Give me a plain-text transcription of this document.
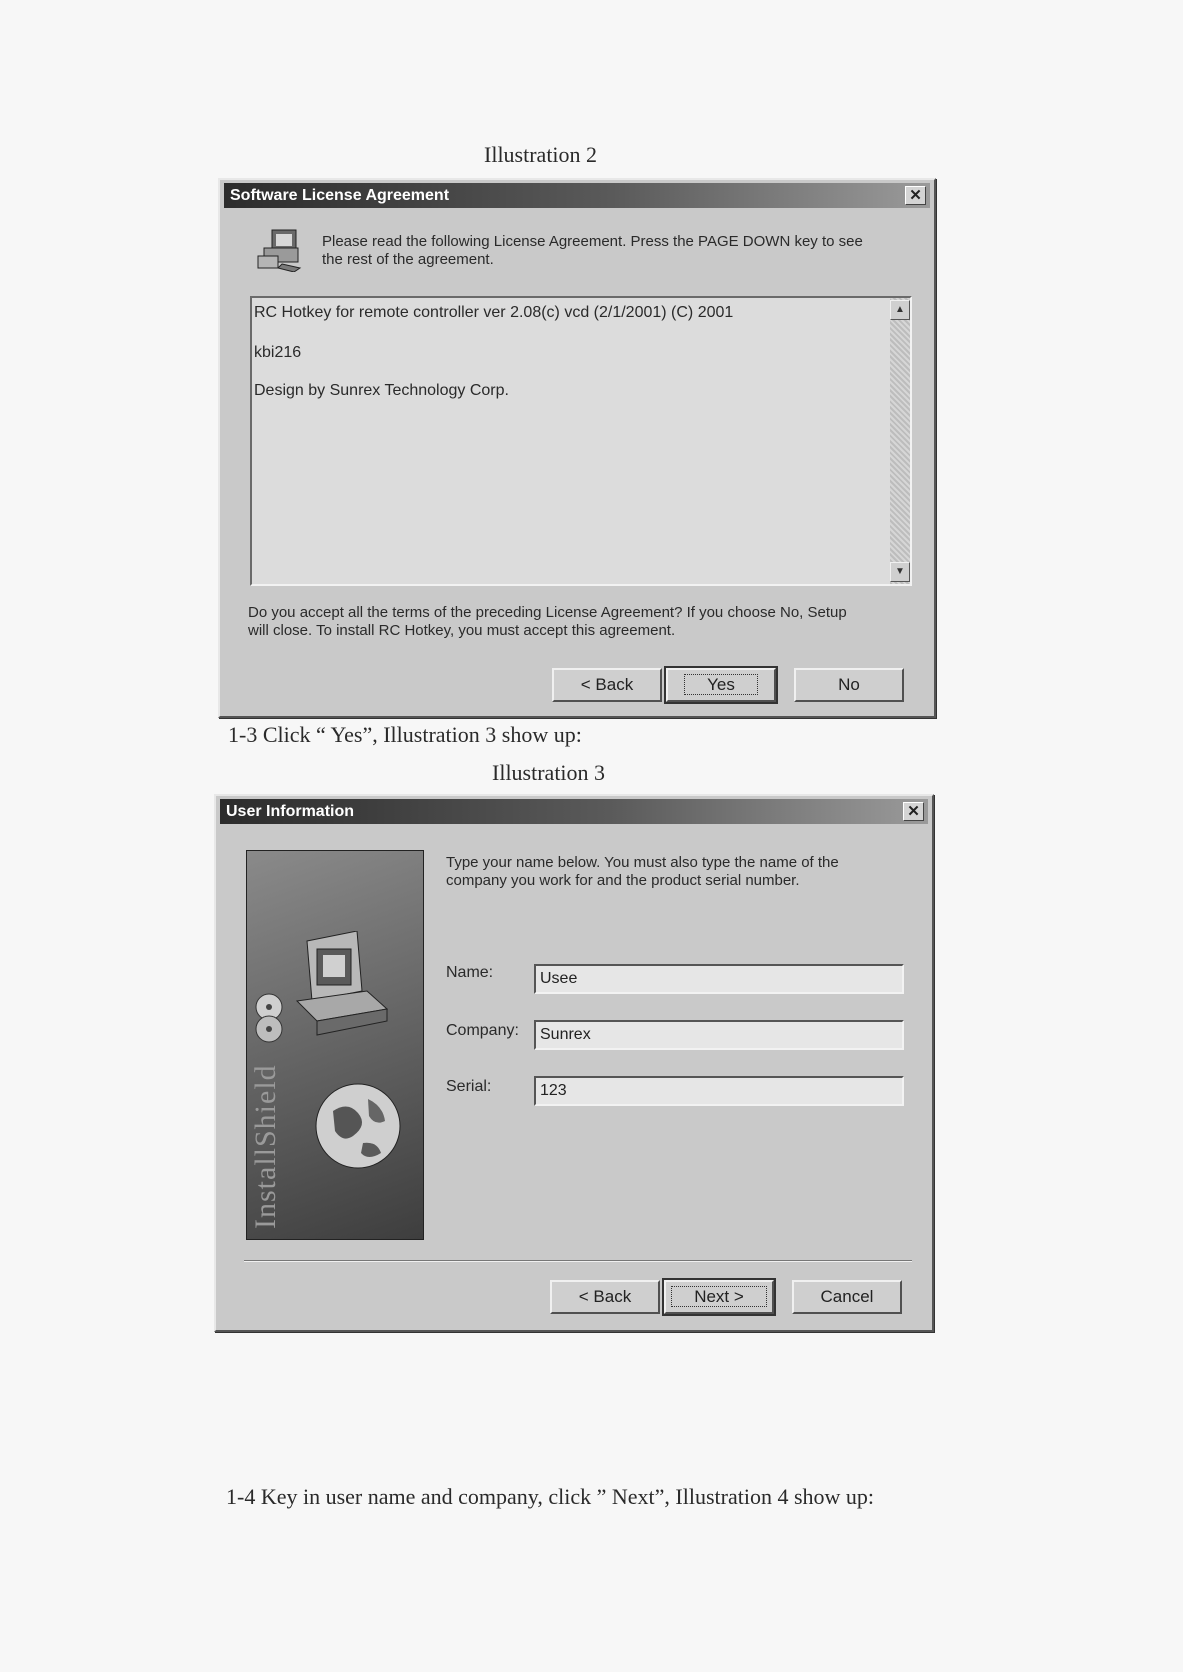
Illustration 2
Software License Agreement	✕
Please read the following License Agreement. Press the PAGE DOWN key to see
the rest of the agreement.
RC Hotkey for remote controller ver 2.08(c) vcd (2/1/2001) (C) 2001
kbi216
Design by Sunrex Technology Corp.
▲
▼
Do you accept all the terms of the preceding License Agreement? If you choose No, Setup
will close. To install RC Hotkey, you must accept this agreement.
< Back	Yes	No
1-3 Click “ Yes”, Illustration 3 show up:
Illustration 3
User Information	✕
InstallShield
Type your name below. You must also type the name of the
company you work for and the product serial number.
Name:	Usee
Company:	Sunrex
Serial:	123
< Back	Next >	Cancel
1-4 Key in user name and company, click ” Next”, Illustration 4 show up:
